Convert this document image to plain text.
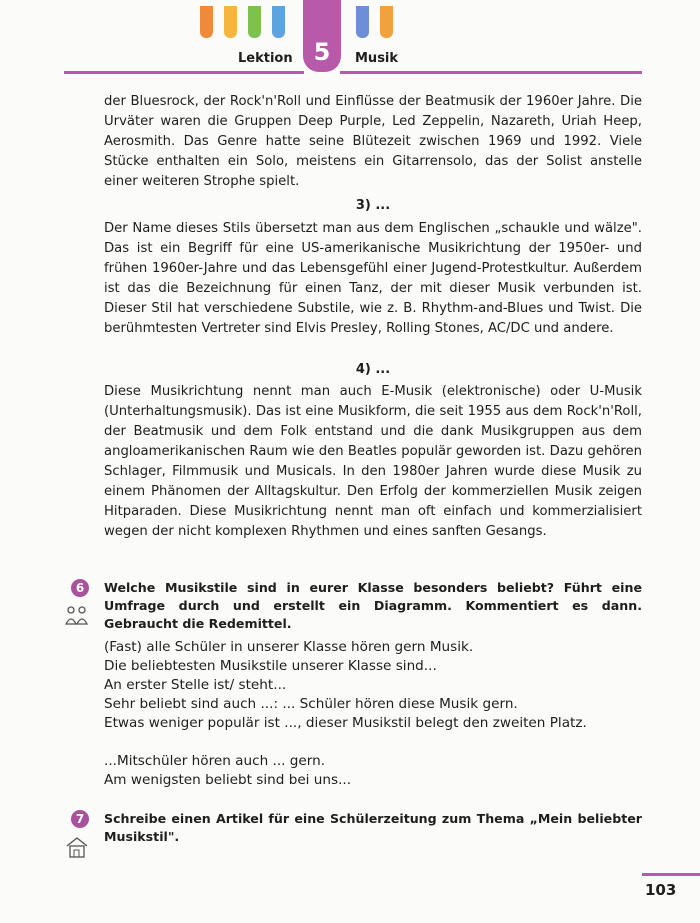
5
Lektion	Musik

der Bluesrock, der Rock'n'Roll und Einflüsse der Beatmusik der 1960er Jahre. Die Urväter waren die Gruppen Deep Purple, Led Zeppelin, Nazareth, Uriah Heep, Aerosmith. Das Genre hatte seine Blütezeit zwischen 1969 und 1992. Viele Stücke enthalten ein Solo, meistens ein Gitarrensolo, das der Solist anstelle einer weiteren Strophe spielt.

3) ...

Der Name dieses Stils übersetzt man aus dem Englischen „schaukle und wälze". Das ist ein Begriff für eine US-amerikanische Musikrichtung der 1950er- und frühen 1960er-Jahre und das Lebensgefühl einer Jugend-Protestkultur. Außerdem ist das die Bezeichnung für einen Tanz, der mit dieser Musik verbunden ist. Dieser Stil hat verschiedene Substile, wie z. B. Rhythm-and-Blues und Twist. Die berühmtesten Vertreter sind Elvis Presley, Rolling Stones, AC/DC und andere.

4) ...

Diese Musikrichtung nennt man auch E-Musik (elektronische) oder U-Musik (Unterhaltungsmusik). Das ist eine Musikform, die seit 1955 aus dem Rock'n'Roll, der Beatmusik und dem Folk entstand und die dank Musikgruppen aus dem angloamerikanischen Raum wie den Beatles populär geworden ist. Dazu gehören Schlager, Filmmusik und Musicals. In den 1980er Jahren wurde diese Musik zu einem Phänomen der Alltagskultur. Den Erfolg der kommerziellen Musik zeigen Hitparaden. Diese Musikrichtung nennt man oft einfach und kommerzialisiert wegen der nicht komplexen Rhythmen und eines sanften Gesangs.

6	Welche Musikstile sind in eurer Klasse besonders beliebt? Führt eine Umfrage durch und erstellt ein Diagramm. Kommentiert es dann. Gebraucht die Redemittel.

(Fast) alle Schüler in unserer Klasse hören gern Musik.

Die beliebtesten Musikstile unserer Klasse sind...

An erster Stelle ist/ steht...

Sehr beliebt sind auch ...: ... Schüler hören diese Musik gern.

Etwas weniger populär ist ..., dieser Musikstil belegt den zweiten Platz.

...Mitschüler hören auch ... gern.

Am wenigsten beliebt sind bei uns...

7	Schreibe einen Artikel für eine Schülerzeitung zum Thema „Mein beliebter Musikstil".

103
